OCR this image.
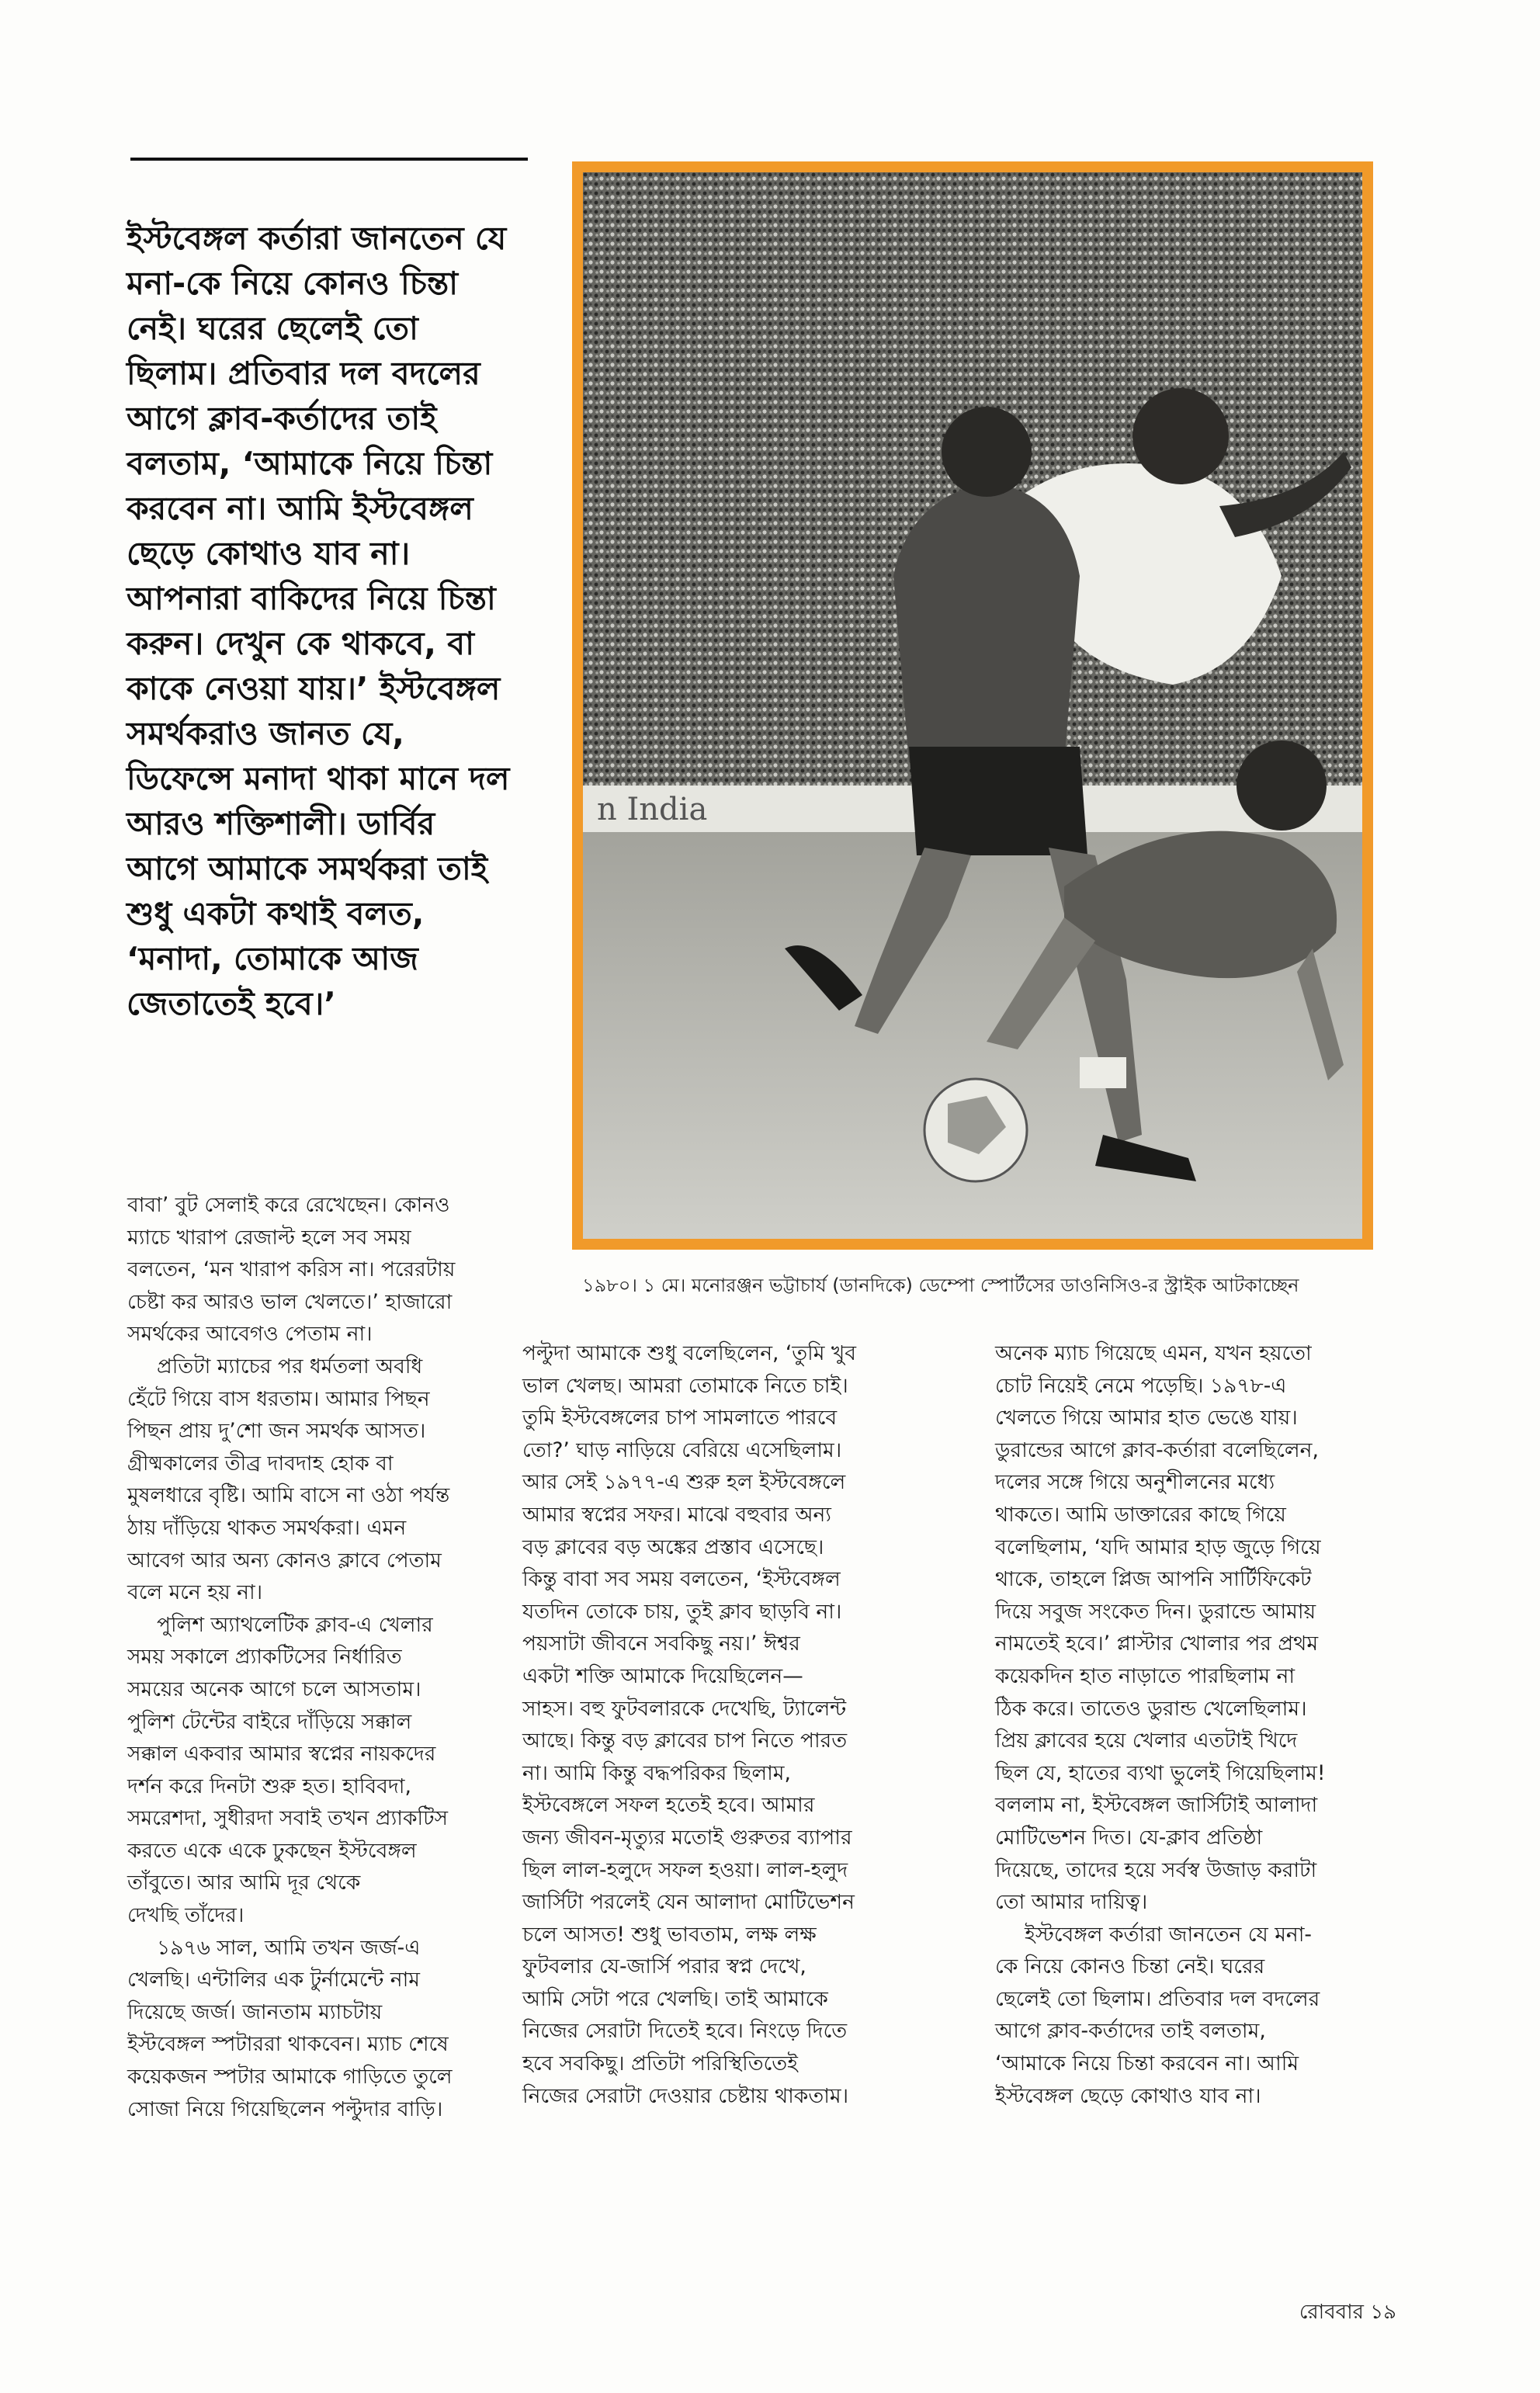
ইস্টবেঙ্গল কর্তারা জানতেন যে
মনা-কে নিয়ে কোনও চিন্তা
নেই। ঘরের ছেলেই তো
ছিলাম। প্রতিবার দল বদলের
আগে ক্লাব-কর্তাদের তাই
বলতাম, ‘আমাকে নিয়ে চিন্তা
করবেন না। আমি ইস্টবেঙ্গল
ছেড়ে কোথাও যাব না।
আপনারা বাকিদের নিয়ে চিন্তা
করুন। দেখুন কে থাকবে, বা
কাকে নেওয়া যায়।’ ইস্টবেঙ্গল
সমর্থকরাও জানত যে,
ডিফেন্সে মনাদা থাকা মানে দল
আরও শক্তিশালী। ডার্বির
আগে আমাকে সমর্থকরা তাই
শুধু একটা কথাই বলত,
‘মনাদা, তোমাকে আজ
জেতাতেই হবে।’
n India
১৯৮০। ১ মে। মনোরঞ্জন ভট্টাচার্য (ডানদিকে) ডেম্পো স্পোর্টসের ডাওনিসিও-র স্ট্রাইক আটকাচ্ছেন
বাবা’ বুট সেলাই করে রেখেছেন। কোনও
ম্যাচে খারাপ রেজাল্ট হলে সব সময়
বলতেন, ‘মন খারাপ করিস না। পরেরটায়
চেষ্টা কর আরও ভাল খেলতে।’ হাজারো
সমর্থকের আবেগও পেতাম না।
প্রতিটা ম্যাচের পর ধর্মতলা অবধি
হেঁটে গিয়ে বাস ধরতাম। আমার পিছন
পিছন প্রায় দু’শো জন সমর্থক আসত।
গ্রীষ্মকালের তীব্র দাবদাহ হোক বা
মুষলধারে বৃষ্টি। আমি বাসে না ওঠা পর্যন্ত
ঠায় দাঁড়িয়ে থাকত সমর্থকরা। এমন
আবেগ আর অন্য কোনও ক্লাবে পেতাম
বলে মনে হয় না।
পুলিশ অ্যাথলেটিক ক্লাব-এ খেলার
সময় সকালে প্র্যাকটিসের নির্ধারিত
সময়ের অনেক আগে চলে আসতাম।
পুলিশ টেন্টের বাইরে দাঁড়িয়ে সক্কাল
সক্কাল একবার আমার স্বপ্নের নায়কদের
দর্শন করে দিনটা শুরু হত। হাবিবদা,
সমরেশদা, সুধীরদা সবাই তখন প্র্যাকটিস
করতে একে একে ঢুকছেন ইস্টবেঙ্গল
তাঁবুতে। আর আমি দূর থেকে
দেখছি তাঁদের।
১৯৭৬ সাল, আমি তখন জর্জ-এ
খেলছি। এন্টালির এক টুর্নামেন্টে নাম
দিয়েছে জর্জ। জানতাম ম্যাচটায়
ইস্টবেঙ্গল স্পটাররা থাকবেন। ম্যাচ শেষে
কয়েকজন স্পটার আমাকে গাড়িতে তুলে
সোজা নিয়ে গিয়েছিলেন পল্টুদার বাড়ি।
পল্টুদা আমাকে শুধু বলেছিলেন, ‘তুমি খুব
ভাল খেলছ। আমরা তোমাকে নিতে চাই।
তুমি ইস্টবেঙ্গলের চাপ সামলাতে পারবে
তো?’ ঘাড় নাড়িয়ে বেরিয়ে এসেছিলাম।
আর সেই ১৯৭৭-এ শুরু হল ইস্টবেঙ্গলে
আমার স্বপ্নের সফর। মাঝে বহুবার অন্য
বড় ক্লাবের বড় অঙ্কের প্রস্তাব এসেছে।
কিন্তু বাবা সব সময় বলতেন, ‘ইস্টবেঙ্গল
যতদিন তোকে চায়, তুই ক্লাব ছাড়বি না।
পয়সাটা জীবনে সবকিছু নয়।’ ঈশ্বর
একটা শক্তি আমাকে দিয়েছিলেন—
সাহস। বহু ফুটবলারকে দেখেছি, ট্যালেন্ট
আছে। কিন্তু বড় ক্লাবের চাপ নিতে পারত
না। আমি কিন্তু বদ্ধপরিকর ছিলাম,
ইস্টবেঙ্গলে সফল হতেই হবে। আমার
জন্য জীবন-মৃত্যুর মতোই গুরুতর ব্যাপার
ছিল লাল-হলুদে সফল হওয়া। লাল-হলুদ
জার্সিটা পরলেই যেন আলাদা মোটিভেশন
চলে আসত! শুধু ভাবতাম, লক্ষ লক্ষ
ফুটবলার যে-জার্সি পরার স্বপ্ন দেখে,
আমি সেটা পরে খেলছি। তাই আমাকে
নিজের সেরাটা দিতেই হবে। নিংড়ে দিতে
হবে সবকিছু। প্রতিটা পরিস্থিতিতেই
নিজের সেরাটা দেওয়ার চেষ্টায় থাকতাম।
অনেক ম্যাচ গিয়েছে এমন, যখন হয়তো
চোট নিয়েই নেমে পড়েছি। ১৯৭৮-এ
খেলতে গিয়ে আমার হাত ভেঙে যায়।
ডুরান্ডের আগে ক্লাব-কর্তারা বলেছিলেন,
দলের সঙ্গে গিয়ে অনুশীলনের মধ্যে
থাকতে। আমি ডাক্তারের কাছে গিয়ে
বলেছিলাম, ‘যদি আমার হাড় জুড়ে গিয়ে
থাকে, তাহলে প্লিজ আপনি সার্টিফিকেট
দিয়ে সবুজ সংকেত দিন। ডুরান্ডে আমায়
নামতেই হবে।’ প্লাস্টার খোলার পর প্রথম
কয়েকদিন হাত নাড়াতে পারছিলাম না
ঠিক করে। তাতেও ডুরান্ড খেলেছিলাম।
প্রিয় ক্লাবের হয়ে খেলার এতটাই খিদে
ছিল যে, হাতের ব্যথা ভুলেই গিয়েছিলাম!
বললাম না, ইস্টবেঙ্গল জার্সিটাই আলাদা
মোটিভেশন দিত। যে-ক্লাব প্রতিষ্ঠা
দিয়েছে, তাদের হয়ে সর্বস্ব উজাড় করাটা
তো আমার দায়িত্ব।
ইস্টবেঙ্গল কর্তারা জানতেন যে মনা-
কে নিয়ে কোনও চিন্তা নেই। ঘরের
ছেলেই তো ছিলাম। প্রতিবার দল বদলের
আগে ক্লাব-কর্তাদের তাই বলতাম,
‘আমাকে নিয়ে চিন্তা করবেন না। আমি
ইস্টবেঙ্গল ছেড়ে কোথাও যাব না।
রোববার ১৯
